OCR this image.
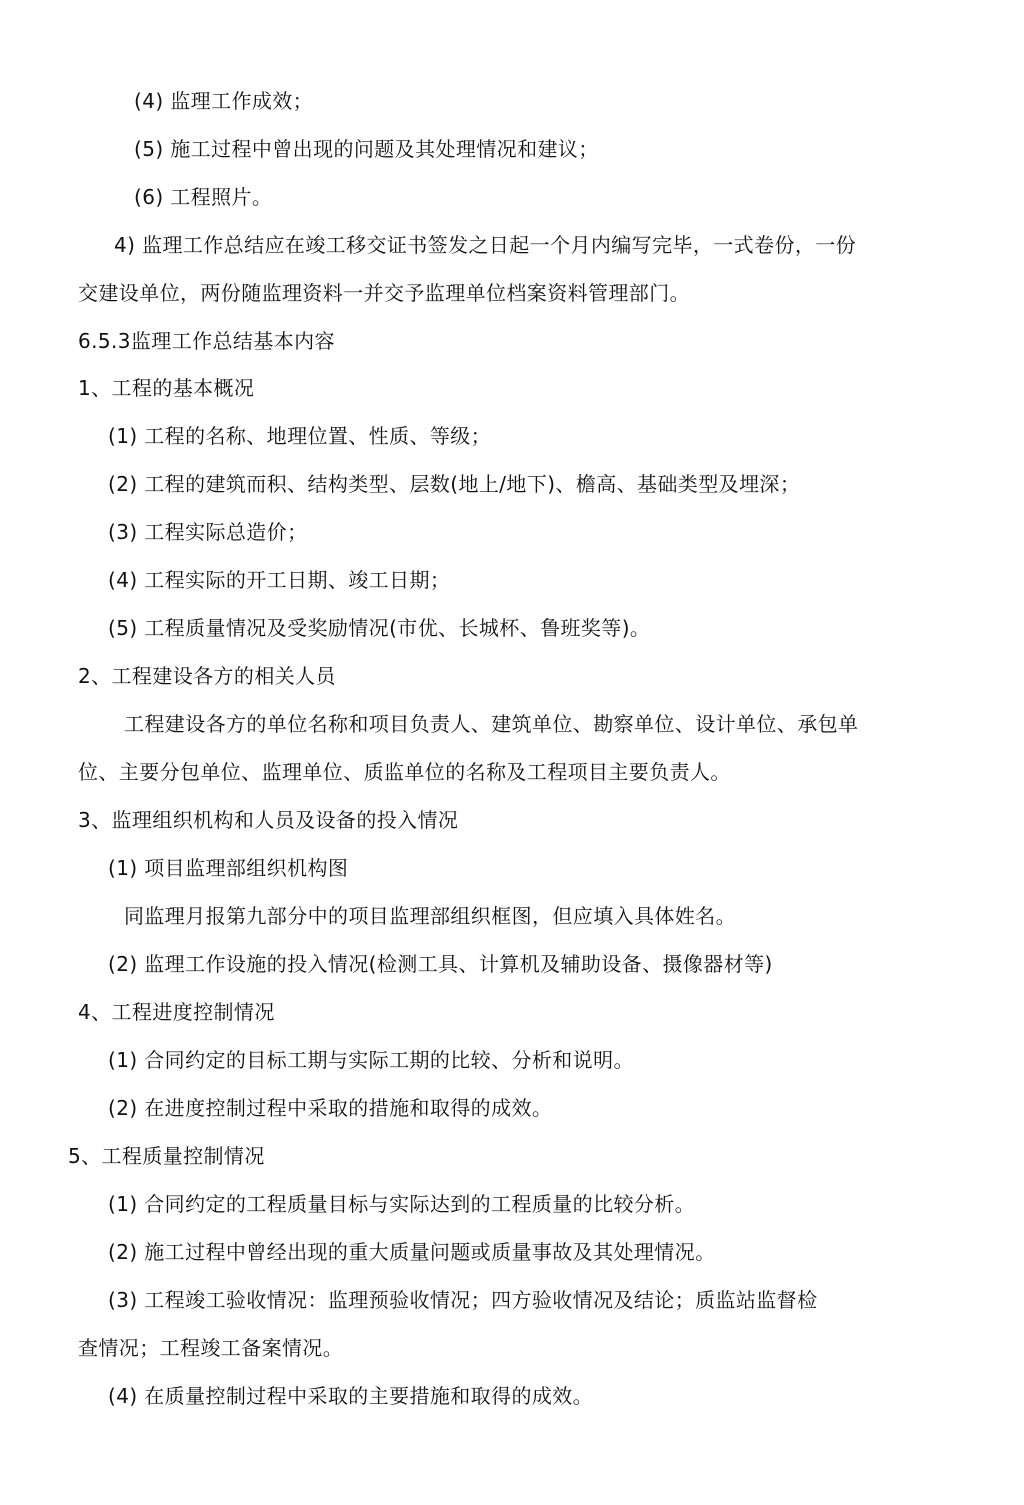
(4) 监理工作成效；
(5) 施工过程中曾出现的问题及其处理情况和建议；
(6) 工程照片。
4) 监理工作总结应在竣工移交证书签发之日起一个月内编写完毕，一式卷份，一份
交建设单位，两份随监理资料一并交予监理单位档案资料管理部门。
6.5.3监理工作总结基本内容
1、工程的基本概况
(1) 工程的名称、地理位置、性质、等级；
(2) 工程的建筑而积、结构类型、层数(地上/地下)、檐高、基础类型及埋深；
(3) 工程实际总造价；
(4) 工程实际的开工日期、竣工日期；
(5) 工程质量情况及受奖励情况(市优、长城杯、鲁班奖等)。
2、工程建设各方的相关人员
工程建设各方的单位名称和项目负责人、建筑单位、勘察单位、设计单位、承包单
位、主要分包单位、监理单位、质监单位的名称及工程项目主要负责人。
3、监理组织机构和人员及设备的投入情况
(1) 项目监理部组织机构图
同监理月报第九部分中的项目监理部组织框图，但应填入具体姓名。
(2) 监理工作设施的投入情况(检测工具、计算机及辅助设备、摄像器材等)
4、工程进度控制情况
(1) 合同约定的目标工期与实际工期的比较、分析和说明。
(2) 在进度控制过程中采取的措施和取得的成效。
5、工程质量控制情况
(1) 合同约定的工程质量目标与实际达到的工程质量的比较分析。
(2) 施工过程中曾经出现的重大质量问题或质量事故及其处理情况。
(3) 工程竣工验收情况：监理预验收情况；四方验收情况及结论；质监站监督检
查情况；工程竣工备案情况。
(4) 在质量控制过程中采取的主要措施和取得的成效。
